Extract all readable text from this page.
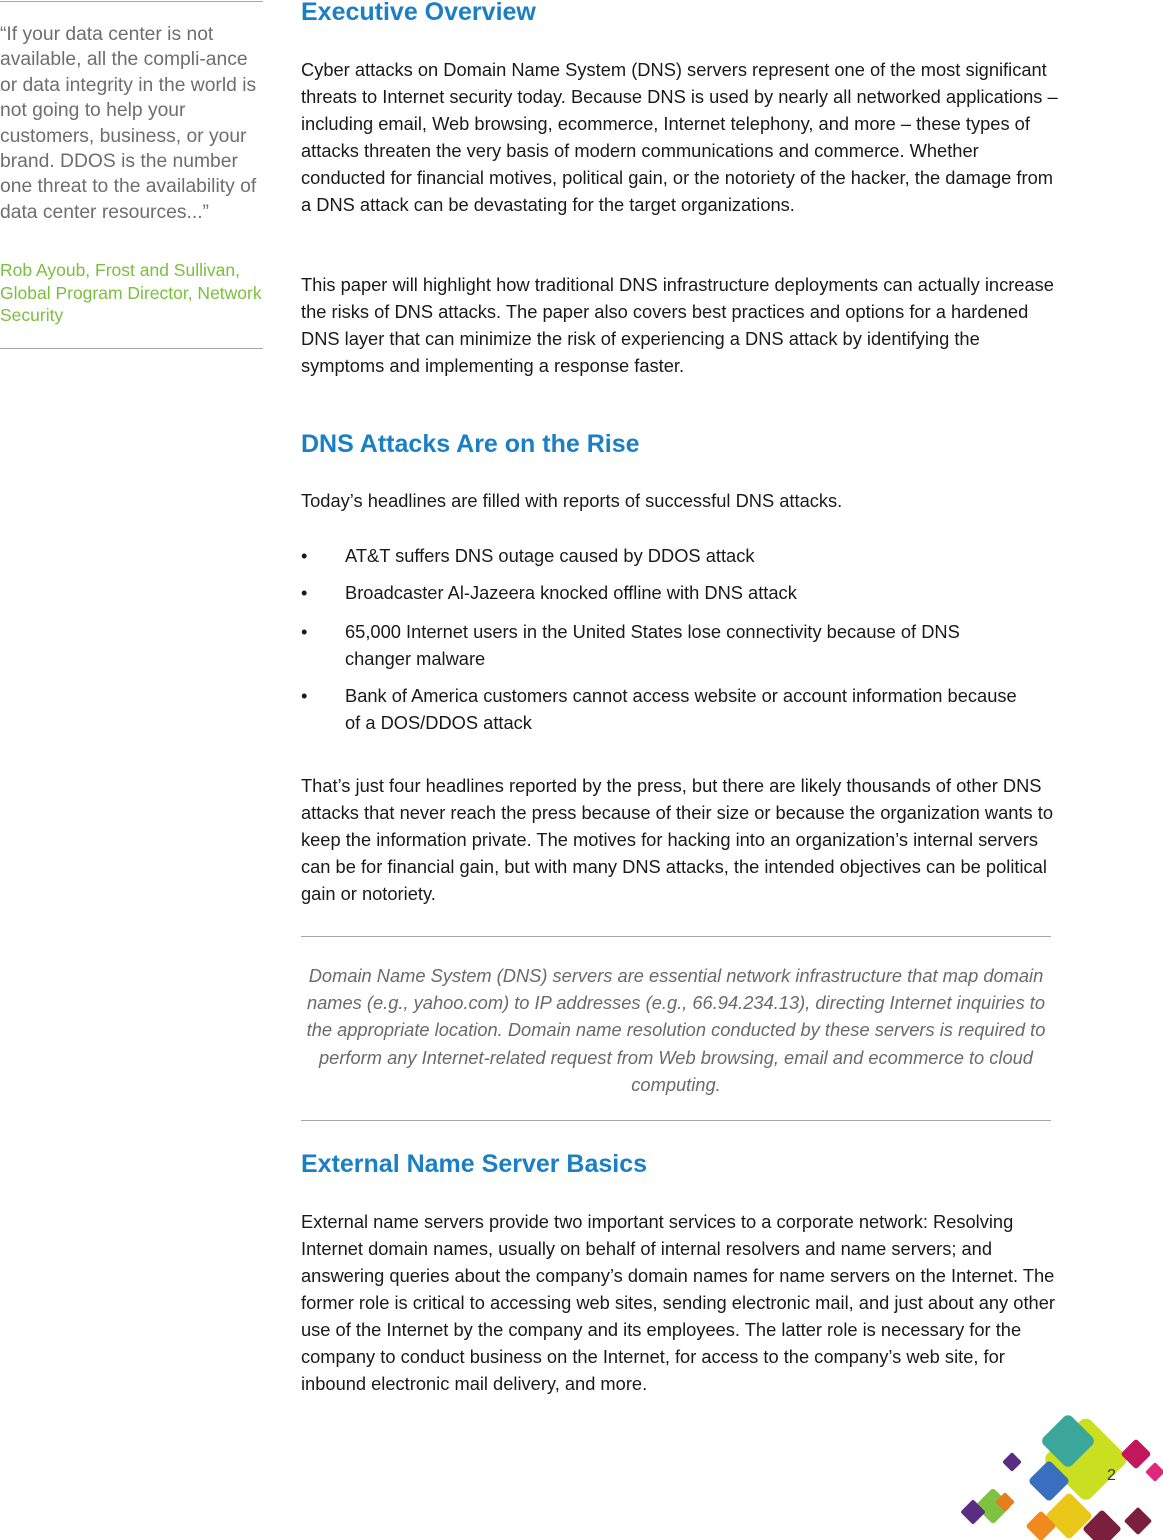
“If your data center is not available, all the compli-ance or data integrity in the world is not going to help your customers, business, or your brand. DDOS is the number one threat to the availability of data center resources...”

Rob Ayoub, Frost and Sullivan, Global Program Director, Network Security

Executive Overview

Cyber attacks on Domain Name System (DNS) servers represent one of the most significant threats to Internet security today. Because DNS is used by nearly all networked applications – including email, Web browsing, ecommerce, Internet telephony, and more – these types of attacks threaten the very basis of modern communications and commerce. Whether conducted for financial motives, political gain, or the notoriety of the hacker, the damage from a DNS attack can be devastating for the target organizations.

This paper will highlight how traditional DNS infrastructure deployments can actually increase the risks of DNS attacks. The paper also covers best practices and options for a hardened DNS layer that can minimize the risk of experiencing a DNS attack by identifying the symptoms and implementing a response faster.

DNS Attacks Are on the Rise

Today’s headlines are filled with reports of successful DNS attacks.

• AT&T suffers DNS outage caused by DDOS attack
• Broadcaster Al-Jazeera knocked offline with DNS attack
• 65,000 Internet users in the United States lose connectivity because of DNS changer malware
• Bank of America customers cannot access website or account information because of a DOS/DDOS attack

That’s just four headlines reported by the press, but there are likely thousands of other DNS attacks that never reach the press because of their size or because the organization wants to keep the information private. The motives for hacking into an organization’s internal servers can be for financial gain, but with many DNS attacks, the intended objectives can be political gain or notoriety.

Domain Name System (DNS) servers are essential network infrastructure that map domain names (e.g., yahoo.com) to IP addresses (e.g., 66.94.234.13), directing Internet inquiries to the appropriate location. Domain name resolution conducted by these servers is required to perform any Internet-related request from Web browsing, email and ecommerce to cloud computing.

External Name Server Basics

External name servers provide two important services to a corporate network: Resolving Internet domain names, usually on behalf of internal resolvers and name servers; and answering queries about the company’s domain names for name servers on the Internet. The former role is critical to accessing web sites, sending electronic mail, and just about any other use of the Internet by the company and its employees. The latter role is necessary for the company to conduct business on the Internet, for access to the company’s web site, for inbound electronic mail delivery, and more.

2
